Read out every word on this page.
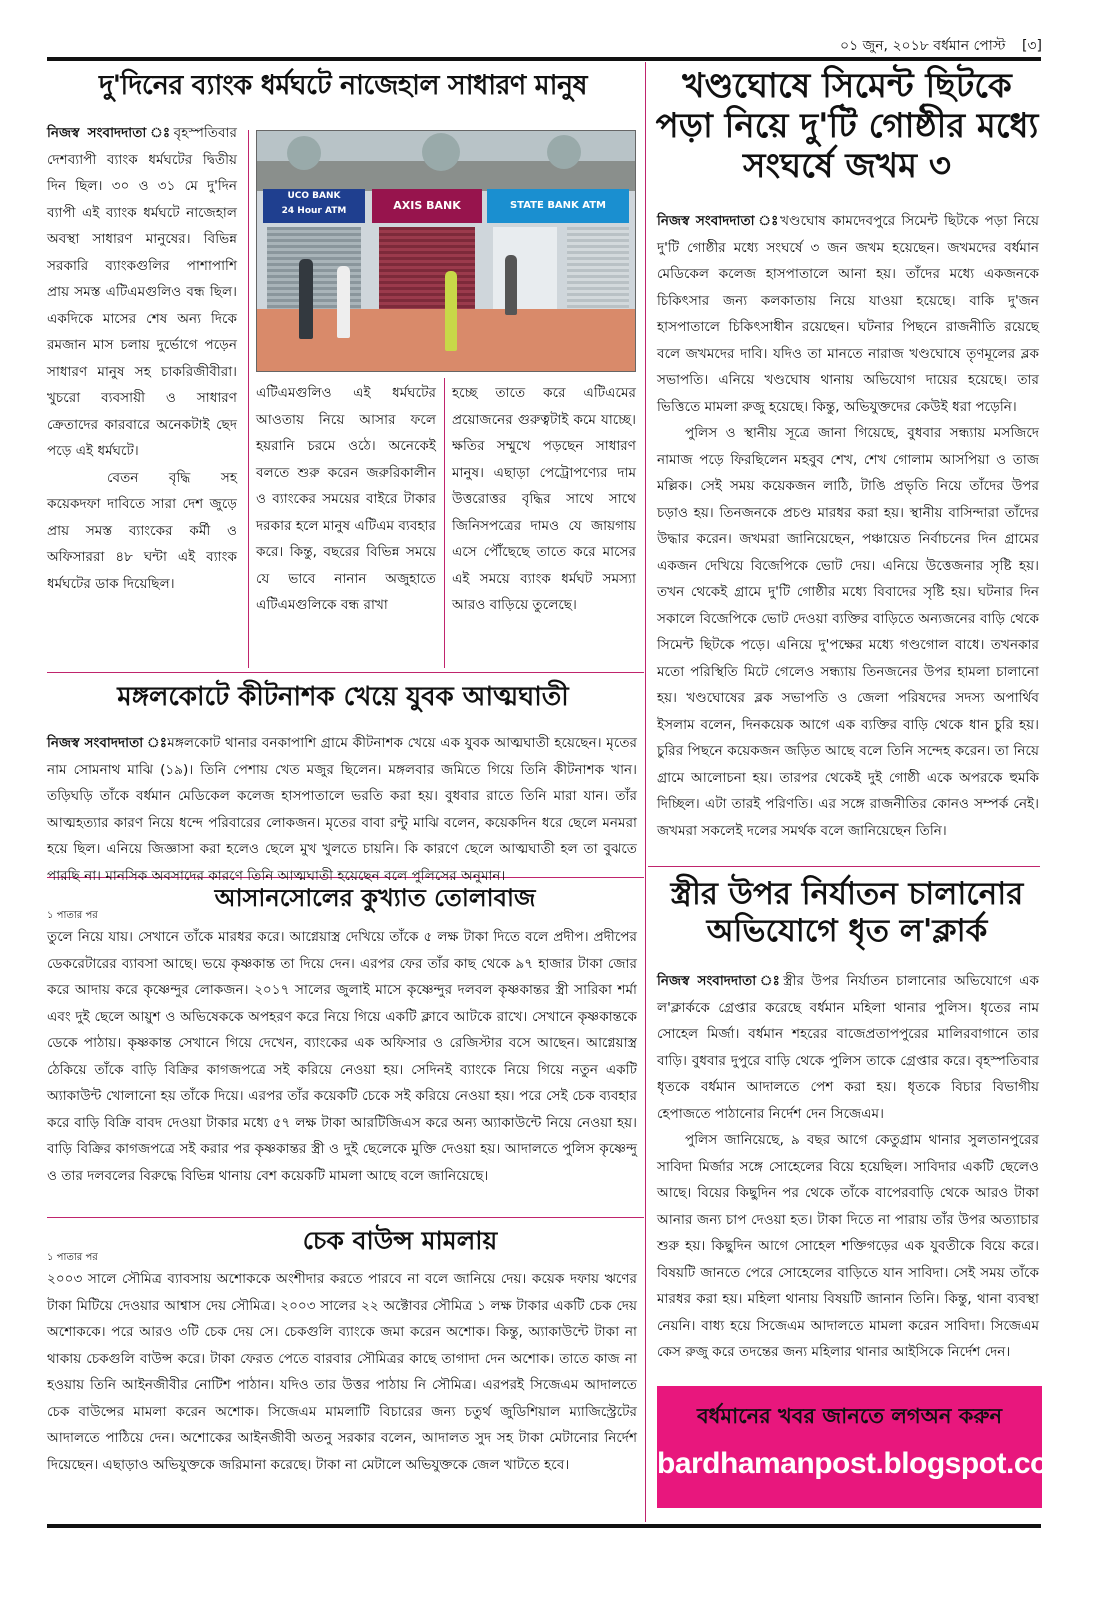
০১ জুন, ২০১৮ বর্ধমান পোস্ট [৩]
দু'দিনের ব্যাংক ধর্মঘটে নাজেহাল সাধারণ মানুষ
নিজস্ব সংবাদদাতা ঃবৃহস্পতিবার দেশব্যাপী ব্যাংক ধর্মঘটের দ্বিতীয় দিন ছিল। ৩০ ও ৩১ মে দু'দিন ব্যাপী এই ব্যাংক ধর্মঘটে নাজেহাল অবস্থা সাধারণ মানুষের। বিভিন্ন সরকারি ব্যাংকগুলির পাশাপাশি প্রায় সমস্ত এটিএমগুলিও বন্ধ ছিল। একদিকে মাসের শেষ অন্য দিকে রমজান মাস চলায় দুর্ভোগে পড়েন সাধারণ মানুষ সহ চাকরিজীবীরা। খুচরো ব্যবসায়ী ও সাধারণ ক্রেতাদের কারবারে অনেকটাই ছেদ পড়ে এই ধর্মঘটে।
বেতন বৃদ্ধি সহ কয়েকদফা দাবিতে সারা দেশ জুড়ে প্রায় সমস্ত ব্যাংকের কর্মী ও অফিসাররা ৪৮ ঘন্টা এই ব্যাংক ধর্মঘটের ডাক দিয়েছিল।
UCO BANK
24 Hour ATM	AXIS BANK	STATE BANK ATM
এটিএমগুলিও এই ধর্মঘটের আওতায় নিয়ে আসার ফলে হয়রানি চরমে ওঠে। অনেকেই বলতে শুরু করেন জরুরিকালীন ও ব্যাংকের সময়ের বাইরে টাকার দরকার হলে মানুষ এটিএম ব্যবহার করে। কিন্তু, বছরের বিভিন্ন সময়ে যে ভাবে নানান অজুহাতে এটিএমগুলিকে বন্ধ রাখা
হচ্ছে তাতে করে এটিএমের প্রয়োজনের গুরুত্বটাই কমে যাচ্ছে। ক্ষতির সম্মুখে পড়ছেন সাধারণ মানুষ। এছাড়া পেট্রোপণ্যের দাম উত্তরোত্তর বৃদ্ধির সাথে সাথে জিনিসপত্রের দামও যে জায়গায় এসে পৌঁছেছে তাতে করে মাসের এই সময়ে ব্যাংক ধর্মঘট সমস্যা আরও বাড়িয়ে তুলেছে।
মঙ্গলকোটে কীটনাশক খেয়ে যুবক আত্মঘাতী
নিজস্ব সংবাদদাতা ঃমঙ্গলকোট থানার বনকাপাশি গ্রামে কীটনাশক খেয়ে এক যুবক আত্মঘাতী হয়েছেন। মৃতের নাম সোমনাথ মাঝি (১৯)। তিনি পেশায় খেত মজুর ছিলেন। মঙ্গলবার জমিতে গিয়ে তিনি কীটনাশক খান। তড়িঘড়ি তাঁকে বর্ধমান মেডিকেল কলেজ হাসপাতালে ভরতি করা হয়। বুধবার রাতে তিনি মারা যান। তাঁর আত্মহত্যার কারণ নিয়ে ধন্দে পরিবারের লোকজন। মৃতের বাবা রন্টু মাঝি বলেন, কয়েকদিন ধরে ছেলে মনমরা হয়ে ছিল। এনিয়ে জিজ্ঞাসা করা হলেও ছেলে মুখ খুলতে চায়নি। কি কারণে ছেলে আত্মঘাতী হল তা বুঝতে পারছি না। মানসিক অবসাদের কারণে তিনি আত্মঘাতী হয়েছেন বলে পুলিসের অনুমান।
আসানসোলের কুখ্যাত তোলাবাজ
১ পাতার পর
তুলে নিয়ে যায়। সেখানে তাঁকে মারধর করে। আগ্নেয়াস্ত্র দেখিয়ে তাঁকে ৫ লক্ষ টাকা দিতে বলে প্রদীপ। প্রদীপের ডেকরেটারের ব্যাবসা আছে। ভয়ে কৃষ্ণকান্ত তা দিয়ে দেন। এরপর ফের তাঁর কাছ থেকে ৯৭ হাজার টাকা জোর করে আদায় করে কৃষ্ণেন্দুর লোকজন। ২০১৭ সালের জুলাই মাসে কৃষ্ণেন্দুর দলবল কৃষ্ণকান্তর স্ত্রী সারিকা শর্মা এবং দুই ছেলে আয়ুশ ও অভিষেককে অপহরণ করে নিয়ে গিয়ে একটি ক্লাবে আটকে রাখে। সেখানে কৃষ্ণকান্তকে ডেকে পাঠায়। কৃষ্ণকান্ত সেখানে গিয়ে দেখেন, ব্যাংকের এক অফিসার ও রেজিস্টার বসে আছেন। আগ্নেয়াস্ত্র ঠেকিয়ে তাঁকে বাড়ি বিক্রির কাগজপত্রে সই করিয়ে নেওয়া হয়। সেদিনই ব্যাংকে নিয়ে গিয়ে নতুন একটি অ্যাকাউন্ট খোলানো হয় তাঁকে দিয়ে। এরপর তাঁর কয়েকটি চেকে সই করিয়ে নেওয়া হয়। পরে সেই চেক ব্যবহার করে বাড়ি বিক্রি বাবদ দেওয়া টাকার মধ্যে ৫৭ লক্ষ টাকা আরটিজিএস করে অন্য অ্যাকাউন্টে নিয়ে নেওয়া হয়। বাড়ি বিক্রির কাগজপত্রে সই করার পর কৃষ্ণকান্তর স্ত্রী ও দুই ছেলেকে মুক্তি দেওয়া হয়। আদালতে পুলিস কৃষ্ণেন্দু ও তার দলবলের বিরুদ্ধে বিভিন্ন থানায় বেশ কয়েকটি মামলা আছে বলে জানিয়েছে।
চেক বাউন্স মামলায়
১ পাতার পর
২০০৩ সালে সৌমিত্র ব্যাবসায় অশোককে অংশীদার করতে পারবে না বলে জানিয়ে দেয়। কয়েক দফায় ঋণের টাকা মিটিয়ে দেওয়ার আশ্বাস দেয় সৌমিত্র। ২০০৩ সালের ২২ অক্টোবর সৌমিত্র ১ লক্ষ টাকার একটি চেক দেয় অশোককে। পরে আরও ৩টি চেক দেয় সে। চেকগুলি ব্যাংকে জমা করেন অশোক। কিন্তু, অ্যাকাউন্টে টাকা না থাকায় চেকগুলি বাউন্স করে। টাকা ফেরত পেতে বারবার সৌমিত্রর কাছে তাগাদা দেন অশোক। তাতে কাজ না হওয়ায় তিনি আইনজীবীর নোটিশ পাঠান। যদিও তার উত্তর পাঠায় নি সৌমিত্র। এরপরই সিজেএম আদালতে চেক বাউন্সের মামলা করেন অশোক। সিজেএম মামলাটি বিচারের জন্য চতুর্থ জুডিশিয়াল ম্যাজিস্ট্রেটের আদালতে পাঠিয়ে দেন। অশোকের আইনজীবী অতনু সরকার বলেন, আদালত সুদ সহ টাকা মেটানোর নির্দেশ দিয়েছেন। এছাড়াও অভিযুক্তকে জরিমানা করেছে। টাকা না মেটালে অভিযুক্তকে জেল খাটতে হবে।
খণ্ডঘোষে সিমেন্ট ছিটকে পড়া নিয়ে দু'টি গোষ্ঠীর মধ্যে সংঘর্ষে জখম ৩
নিজস্ব সংবাদদাতা ঃখণ্ডঘোষ কামদেবপুরে সিমেন্ট ছিটকে পড়া নিয়ে দু'টি গোষ্ঠীর মধ্যে সংঘর্ষে ৩ জন জখম হয়েছেন। জখমদের বর্ধমান মেডিকেল কলেজ হাসপাতালে আনা হয়। তাঁদের মধ্যে একজনকে চিকিৎসার জন্য কলকাতায় নিয়ে যাওয়া হয়েছে। বাকি দু'জন হাসপাতালে চিকিৎসাধীন রয়েছেন। ঘটনার পিছনে রাজনীতি রয়েছে বলে জখমদের দাবি। যদিও তা মানতে নারাজ খণ্ডঘোষে তৃণমূলের ব্লক সভাপতি। এনিয়ে খণ্ডঘোষ থানায় অভিযোগ দায়ের হয়েছে। তার ভিত্তিতে মামলা রুজু হয়েছে। কিন্তু, অভিযুক্তদের কেউই ধরা পড়েনি।
পুলিস ও স্থানীয় সূত্রে জানা গিয়েছে, বুধবার সন্ধ্যায় মসজিদে নামাজ পড়ে ফিরছিলেন মহবুব শেখ, শেখ গোলাম আসপিয়া ও তাজ মল্লিক। সেই সময় কয়েকজন লাঠি, টাঙি প্রভৃতি নিয়ে তাঁদের উপর চড়াও হয়। তিনজনকে প্রচণ্ড মারধর করা হয়। স্থানীয় বাসিন্দারা তাঁদের উদ্ধার করেন। জখমরা জানিয়েছেন, পঞ্চায়েত নির্বাচনের দিন গ্রামের একজন দেখিয়ে বিজেপিকে ভোট দেয়। এনিয়ে উত্তেজনার সৃষ্টি হয়। তখন থেকেই গ্রামে দু'টি গোষ্ঠীর মধ্যে বিবাদের সৃষ্টি হয়। ঘটনার দিন সকালে বিজেপিকে ভোট দেওয়া ব্যক্তির বাড়িতে অন্যজনের বাড়ি থেকে সিমেন্ট ছিটকে পড়ে। এনিয়ে দু'পক্ষের মধ্যে গণ্ডগোল বাধে। তখনকার মতো পরিস্থিতি মিটে গেলেও সন্ধ্যায় তিনজনের উপর হামলা চালানো হয়। খণ্ডঘোষের ব্লক সভাপতি ও জেলা পরিষদের সদস্য অপার্থিব ইসলাম বলেন, দিনকয়েক আগে এক ব্যক্তির বাড়ি থেকে ধান চুরি হয়। চুরির পিছনে কয়েকজন জড়িত আছে বলে তিনি সন্দেহ করেন। তা নিয়ে গ্রামে আলোচনা হয়। তারপর থেকেই দুই গোষ্ঠী একে অপরকে হুমকি দিচ্ছিল। এটা তারই পরিণতি। এর সঙ্গে রাজনীতির কোনও সম্পর্ক নেই। জখমরা সকলেই দলের সমর্থক বলে জানিয়েছেন তিনি।
স্ত্রীর উপর নির্যাতন চালানোর অভিযোগে ধৃত ল'ক্লার্ক
নিজস্ব সংবাদদাতা ঃস্ত্রীর উপর নির্যাতন চালানোর অভিযোগে এক ল'ক্লার্ককে গ্রেপ্তার করেছে বর্ধমান মহিলা থানার পুলিস। ধৃতের নাম সোহেল মির্জা। বর্ধমান শহরের বাজেপ্রতাপপুরের মালিরবাগানে তার বাড়ি। বুধবার দুপুরে বাড়ি থেকে পুলিস তাকে গ্রেপ্তার করে। বৃহস্পতিবার ধৃতকে বর্ধমান আদালতে পেশ করা হয়। ধৃতকে বিচার বিভাগীয় হেপাজতে পাঠানোর নির্দেশ দেন সিজেএম।
পুলিস জানিয়েছে, ৯ বছর আগে কেতুগ্রাম থানার সুলতানপুরের সাবিদা মির্জার সঙ্গে সোহেলের বিয়ে হয়েছিল। সাবিদার একটি ছেলেও আছে। বিয়ের কিছুদিন পর থেকে তাঁকে বাপেরবাড়ি থেকে আরও টাকা আনার জন্য চাপ দেওয়া হত। টাকা দিতে না পারায় তাঁর উপর অত্যাচার শুরু হয়। কিছুদিন আগে সোহেল শক্তিগড়ের এক যুবতীকে বিয়ে করে। বিষয়টি জানতে পেরে সোহেলের বাড়িতে যান সাবিদা। সেই সময় তাঁকে মারধর করা হয়। মহিলা থানায় বিষয়টি জানান তিনি। কিন্তু, থানা ব্যবস্থা নেয়নি। বাধ্য হয়ে সিজেএম আদালতে মামলা করেন সাবিদা। সিজেএম কেস রুজু করে তদন্তের জন্য মহিলার থানার আইসিকে নির্দেশ দেন।
বর্ধমানের খবর জানতে লগঅন করুন
bardhamanpost.blogspot.com
